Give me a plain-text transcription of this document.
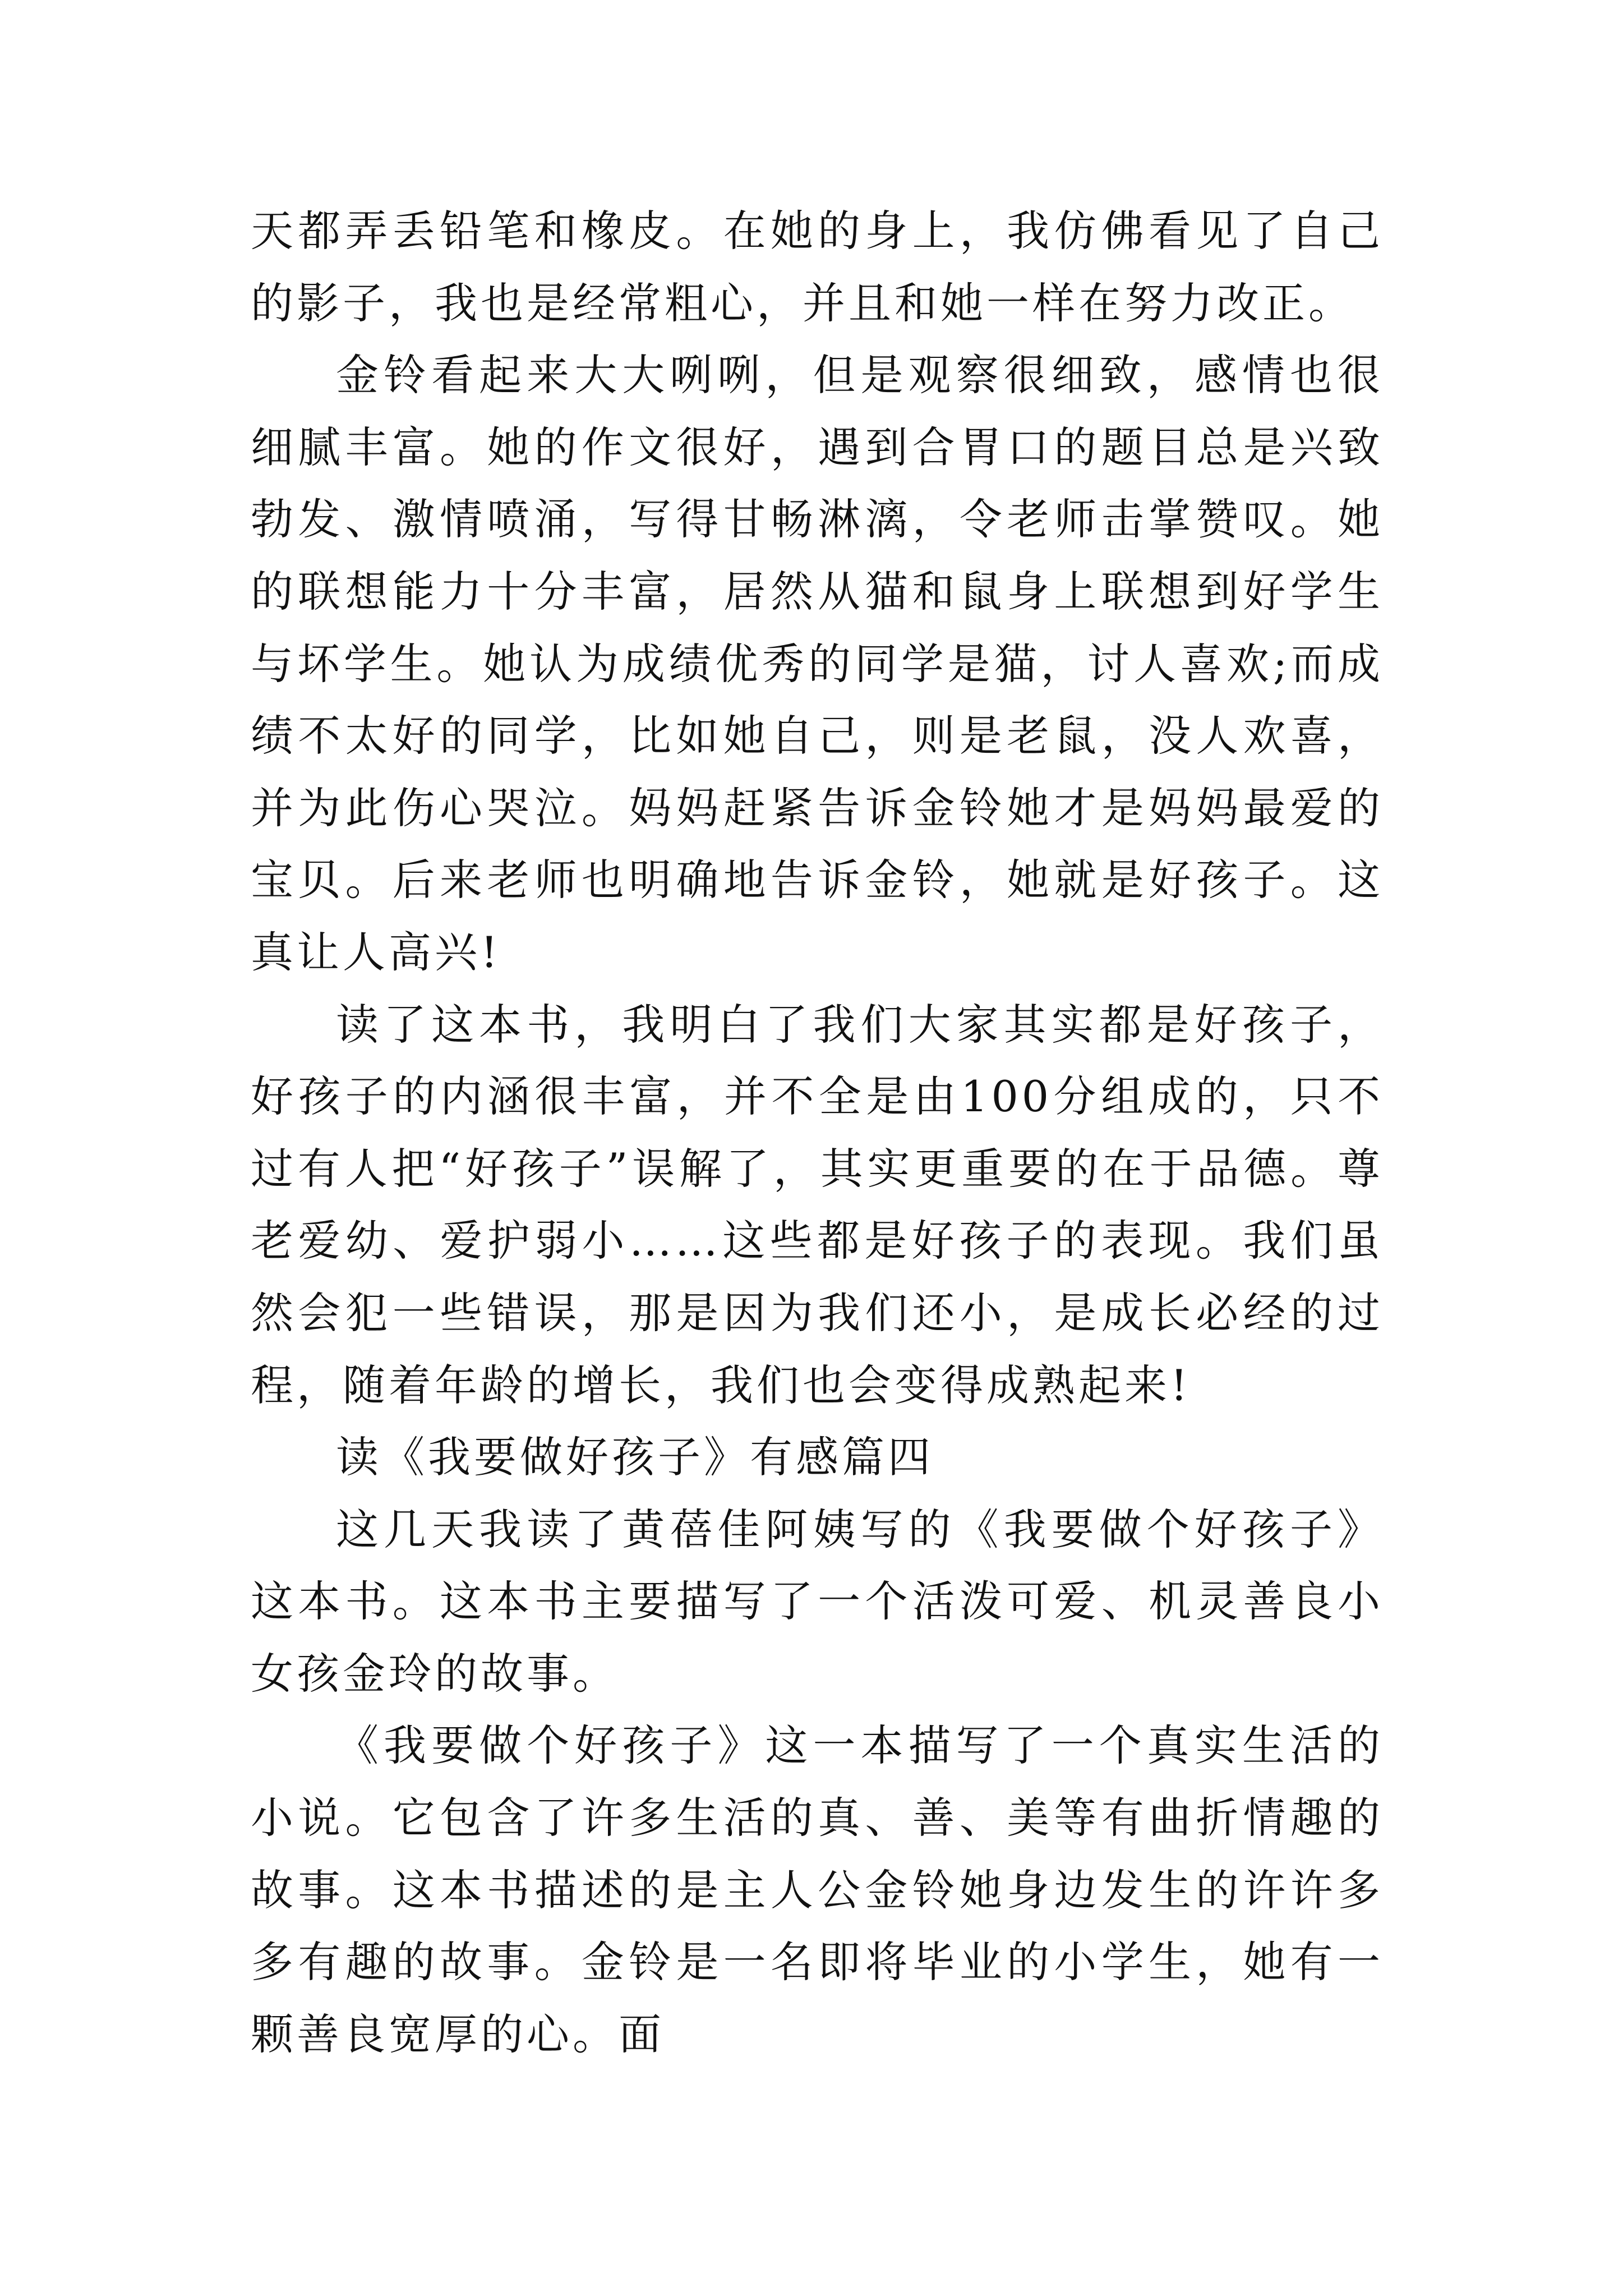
天都弄丢铅笔和橡皮。在她的身上，我仿佛看见了自己的影子，我也是经常粗心，并且和她一样在努力改正。

金铃看起来大大咧咧，但是观察很细致，感情也很细腻丰富。她的作文很好，遇到合胃口的题目总是兴致勃发、激情喷涌，写得甘畅淋漓，令老师击掌赞叹。她的联想能力十分丰富，居然从猫和鼠身上联想到好学生与坏学生。她认为成绩优秀的同学是猫，讨人喜欢;而成绩不太好的同学，比如她自己，则是老鼠，没人欢喜，并为此伤心哭泣。妈妈赶紧告诉金铃她才是妈妈最爱的宝贝。后来老师也明确地告诉金铃，她就是好孩子。这真让人高兴!

读了这本书，我明白了我们大家其实都是好孩子，好孩子的内涵很丰富，并不全是由100分组成的，只不过有人把“好孩子”误解了，其实更重要的在于品德。尊老爱幼、爱护弱小……这些都是好孩子的表现。我们虽然会犯一些错误，那是因为我们还小，是成长必经的过程，随着年龄的增长，我们也会变得成熟起来!

读《我要做好孩子》有感篇四

这几天我读了黄蓓佳阿姨写的《我要做个好孩子》这本书。这本书主要描写了一个活泼可爱、机灵善良小女孩金玲的故事。

《我要做个好孩子》这一本描写了一个真实生活的小说。它包含了许多生活的真、善、美等有曲折情趣的故事。这本书描述的是主人公金铃她身边发生的许许多多有趣的故事。金铃是一名即将毕业的小学生，她有一颗善良宽厚的心。面
